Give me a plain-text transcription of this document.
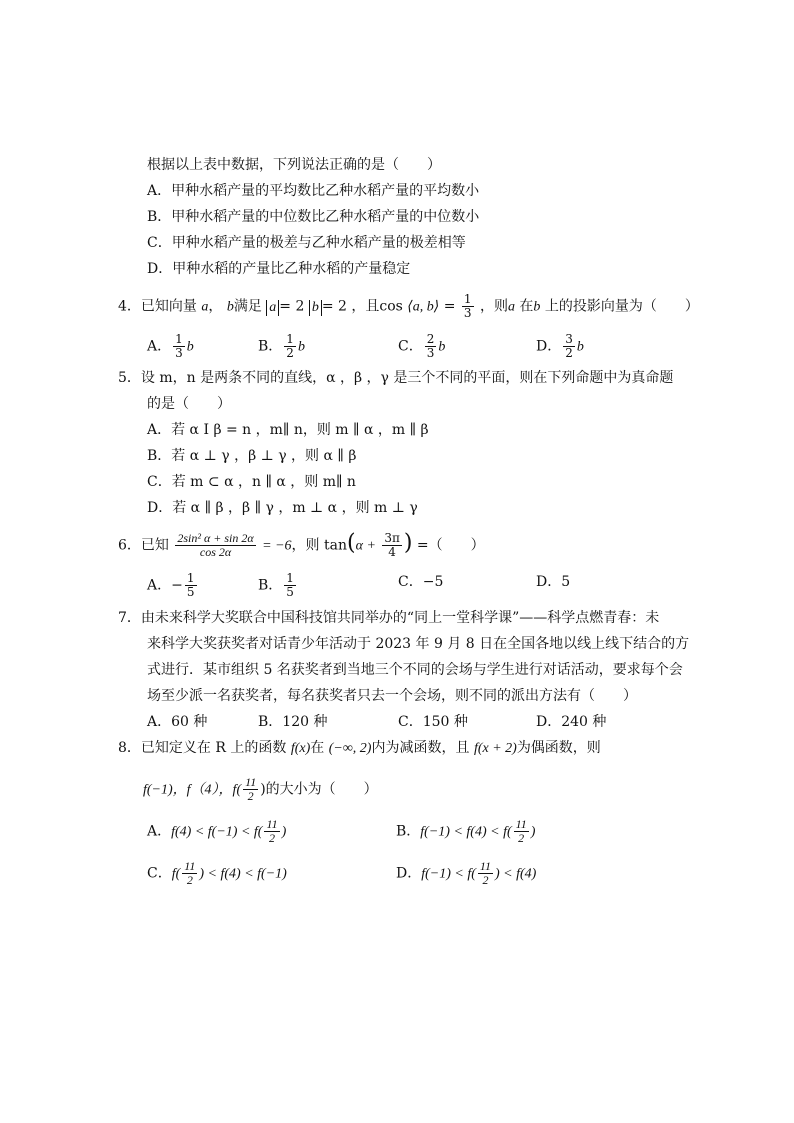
根据以上表中数据，下列说法正确的是（　　）
A．甲种水稻产量的平均数比乙种水稻产量的平均数小
B．甲种水稻产量的中位数比乙种水稻产量的中位数小
C．甲种水稻产量的极差与乙种水稻产量的极差相等
D．甲种水稻的产量比乙种水稻的产量稳定
4．已知向量 a， b满足 a = 2 b = 2 ，且cos ⟨a, b⟩ = $\frac{1}{3}$ ，则a 在b 上的投影向量为（　　）
A． $\frac{1}{3}$ b	B． $\frac{1}{2}$ b	C． $\frac{2}{3}$ b	D． $\frac{3}{2}$ b
5．设 m，n 是两条不同的直线，α ，β ，γ 是三个不同的平面，则在下列命题中为真命题
的是（　　）
A．若 α I β = n ，m∥ n，则 m ∥ α ，m ∥ β
B．若 α ⊥ γ ，β ⊥ γ ，则 α ∥ β
C．若 m ⊂ α ，n ∥ α ，则 m∥ n
D．若 α ∥ β ，β ∥ γ ，m ⊥ α ，则 m ⊥ γ
6．已知 $\frac{\text{2sin² α + sin 2α}}{\cos 2\alpha} = -6$，则 $\tan(\alpha + \frac{3\pi}{4}$ ) =（　　）
A．− $\frac{1}{5}$	B． $\frac{1}{5}$	C．−5	D．5
7．由未来科学大奖联合中国科技馆共同举办的“同上一堂科学课”——科学点燃青春：未
来科学大奖获奖者对话青少年活动于 2023 年 9 月 8 日在全国各地以线上线下结合的方
式进行．某市组织 5 名获奖者到当地三个不同的会场与学生进行对话活动，要求每个会
场至少派一名获奖者，每名获奖者只去一个会场，则不同的派出方法有（　　）
A．60 种	B．120 种	C．150 种	D．240 种
8．已知定义在 R 上的函数 f(x)在 (−∞, 2)内为减函数，且 f(x + 2)为偶函数，则
f(−1)，f（4），$f( \frac{11}{2}$ )的大小为（　　）
A．$f(4) < f(-1) < f( \frac{11}{2}$ )	B．$f(-1) < f(4) < f( \frac{11}{2}$ )
C．$f( \frac{11}{2}$ ) < f(4) < f(−1)	D．$f(-1) < f( \frac{11}{2}$ ) < f(4)
